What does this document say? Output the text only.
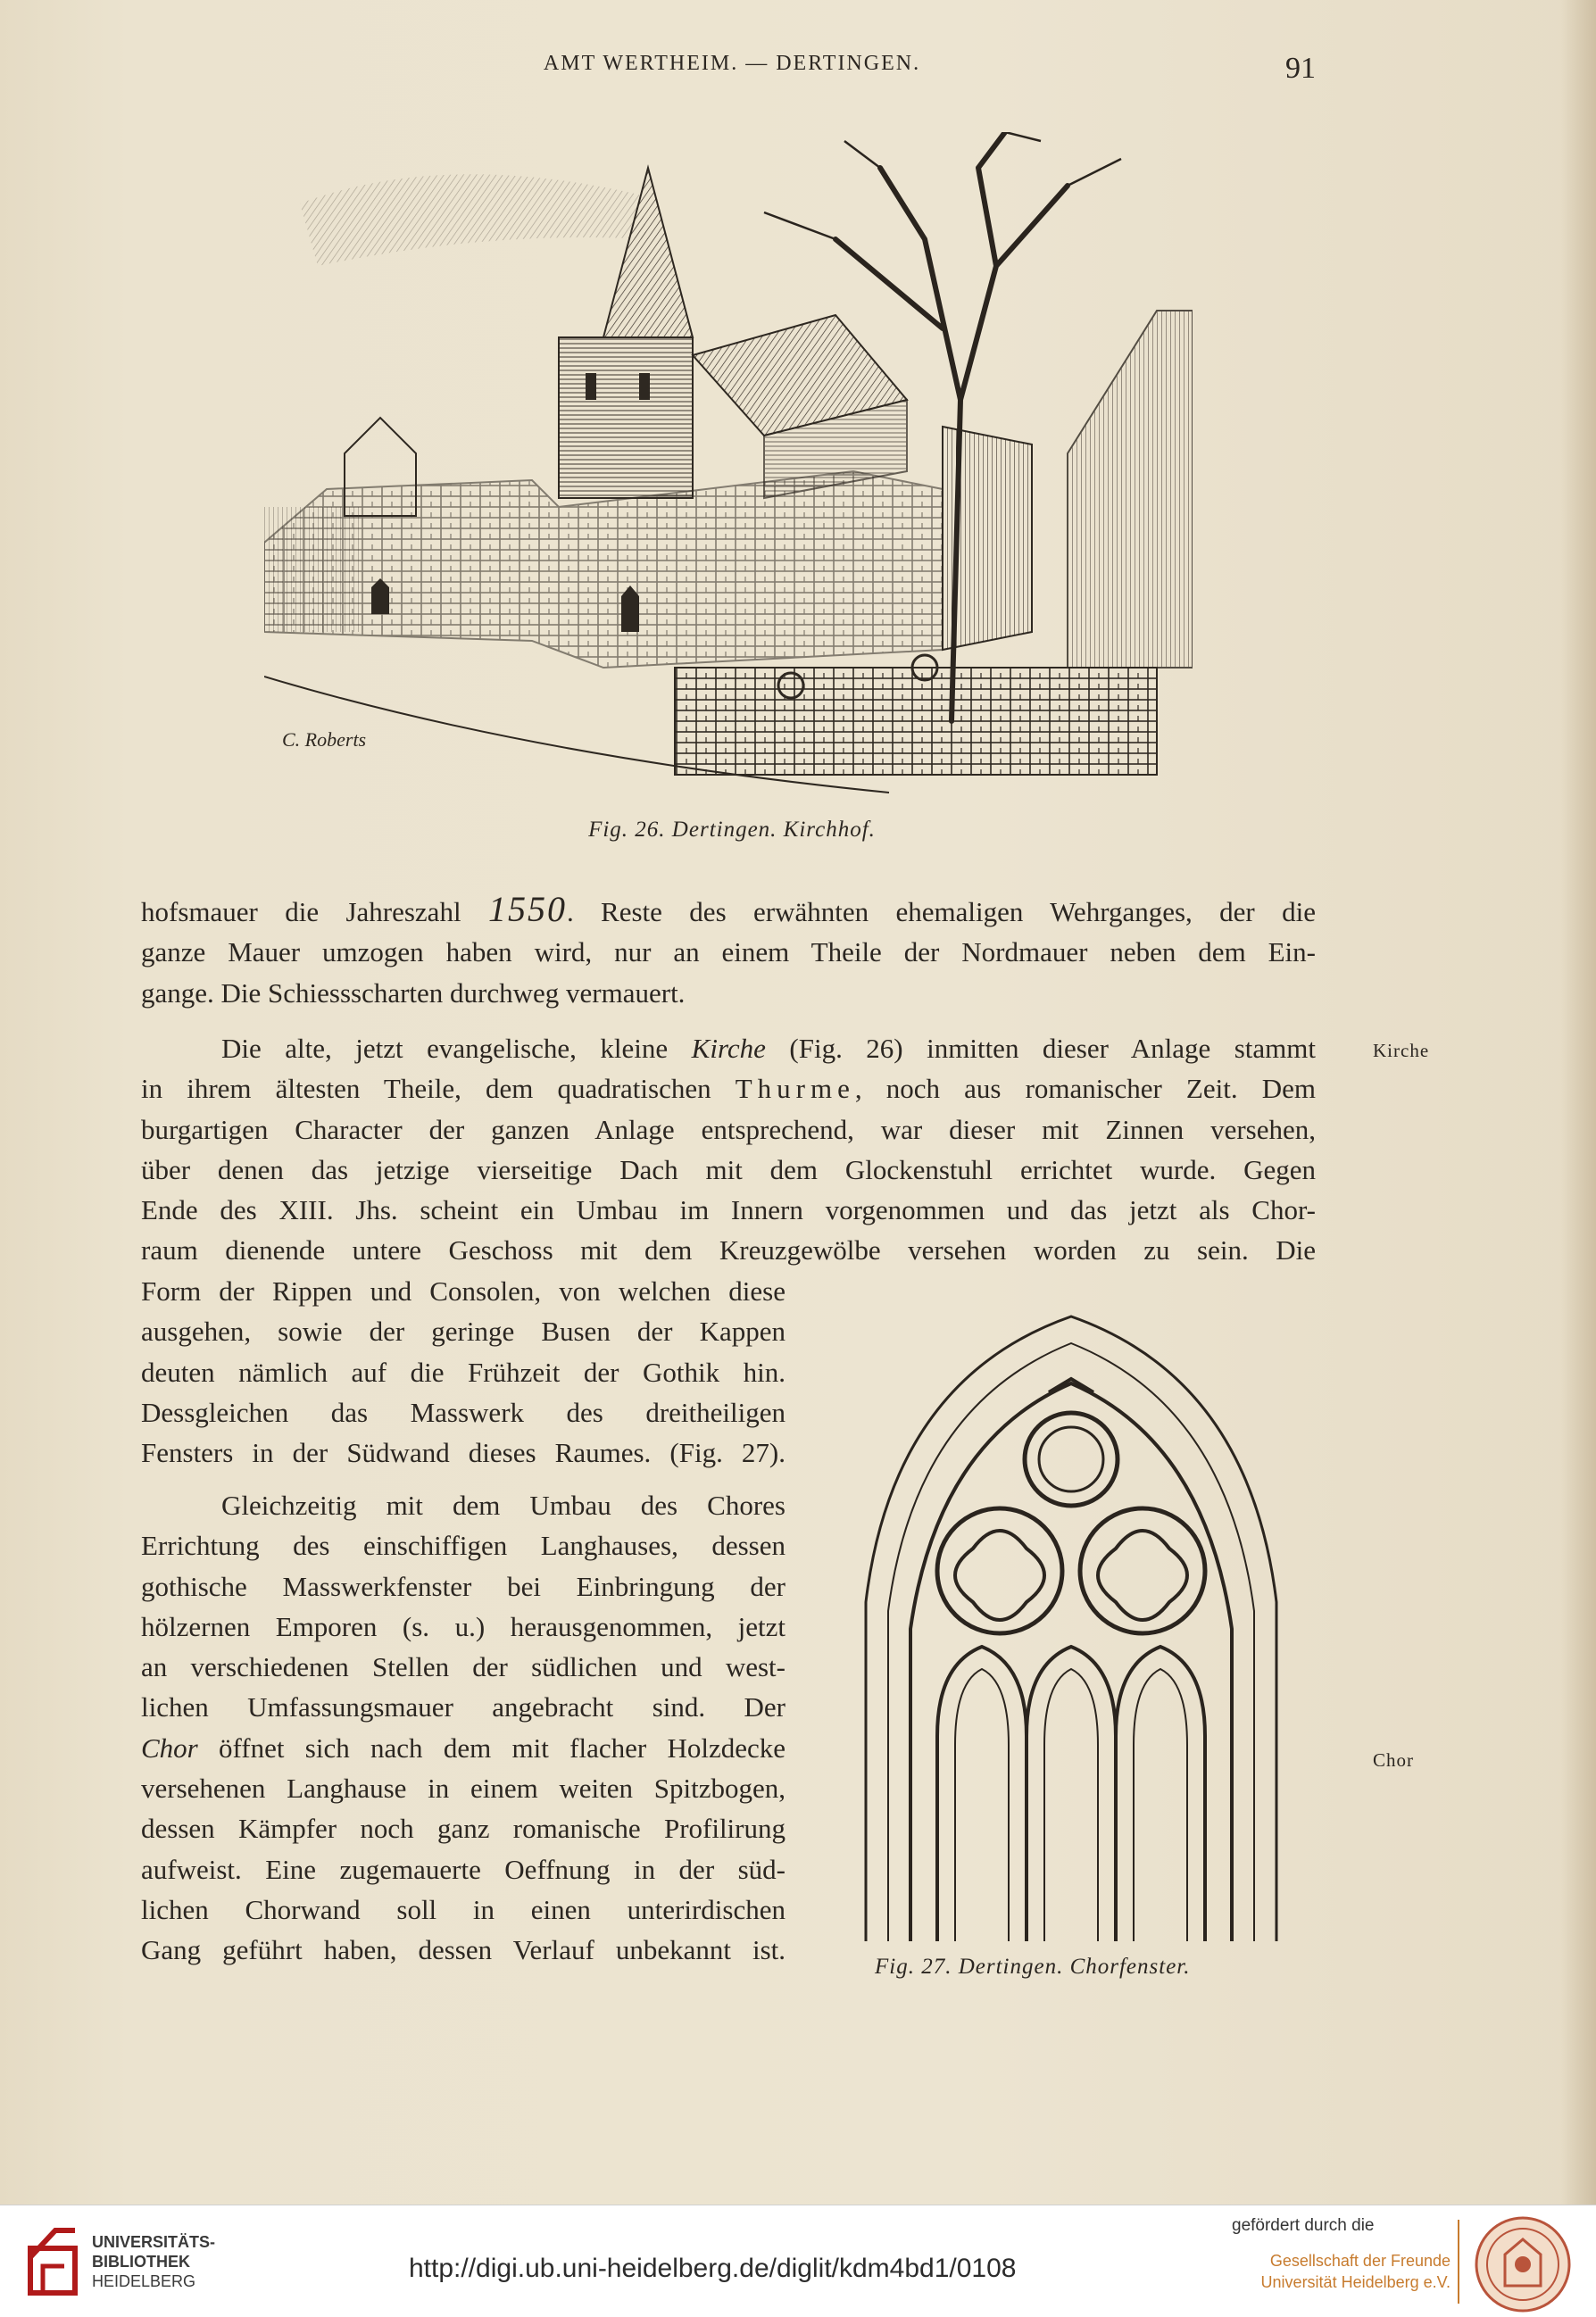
AMT WERTHEIM. — DERTINGEN.	91
C. Roberts
Fig. 26. Dertingen. Kirchhof.
hofsmauer die Jahreszahl 1550. Reste des erwähnten ehemaligen Wehrganges, der die
ganze Mauer umzogen haben wird, nur an einem Theile der Nordmauer neben dem Ein-
gange. Die Schiessscharten durchweg vermauert.
Die alte, jetzt evangelische, kleine Kirche (Fig. 26) inmitten dieser Anlage stammt
in ihrem ältesten Theile, dem quadratischen Thurme, noch aus romanischer Zeit. Dem
burgartigen Character der ganzen Anlage entsprechend, war dieser mit Zinnen versehen,
über denen das jetzige vierseitige Dach mit dem Glockenstuhl errichtet wurde. Gegen
Ende des XIII. Jhs. scheint ein Umbau im Innern vorgenommen und das jetzt als Chor-
raum dienende untere Geschoss mit dem Kreuzgewölbe versehen worden zu sein. Die
Form der Rippen und Consolen, von welchen diese
ausgehen, sowie der geringe Busen der Kappen
deuten nämlich auf die Frühzeit der Gothik hin.
Dessgleichen das Masswerk des dreitheiligen
Fensters in der Südwand dieses Raumes. (Fig. 27).
Gleichzeitig mit dem Umbau des Chores
Errichtung des einschiffigen Langhauses, dessen
gothische Masswerkfenster bei Einbringung der
hölzernen Emporen (s. u.) herausgenommen, jetzt
an verschiedenen Stellen der südlichen und west-
lichen Umfassungsmauer angebracht sind. Der
Chor öffnet sich nach dem mit flacher Holzdecke
versehenen Langhause in einem weiten Spitzbogen,
dessen Kämpfer noch ganz romanische Profilirung
aufweist. Eine zugemauerte Oeffnung in der süd-
lichen Chorwand soll in einen unterirdischen
Gang geführt haben, dessen Verlauf unbekannt ist.
Kirche
Chor
Fig. 27. Dertingen. Chorfenster.
UNIVERSITÄTS-
BIBLIOTHEK
HEIDELBERG	http://digi.ub.uni-heidelberg.de/diglit/kdm4bd1/0108
gefördert durch die
Gesellschaft der Freunde
Universität Heidelberg e.V.
